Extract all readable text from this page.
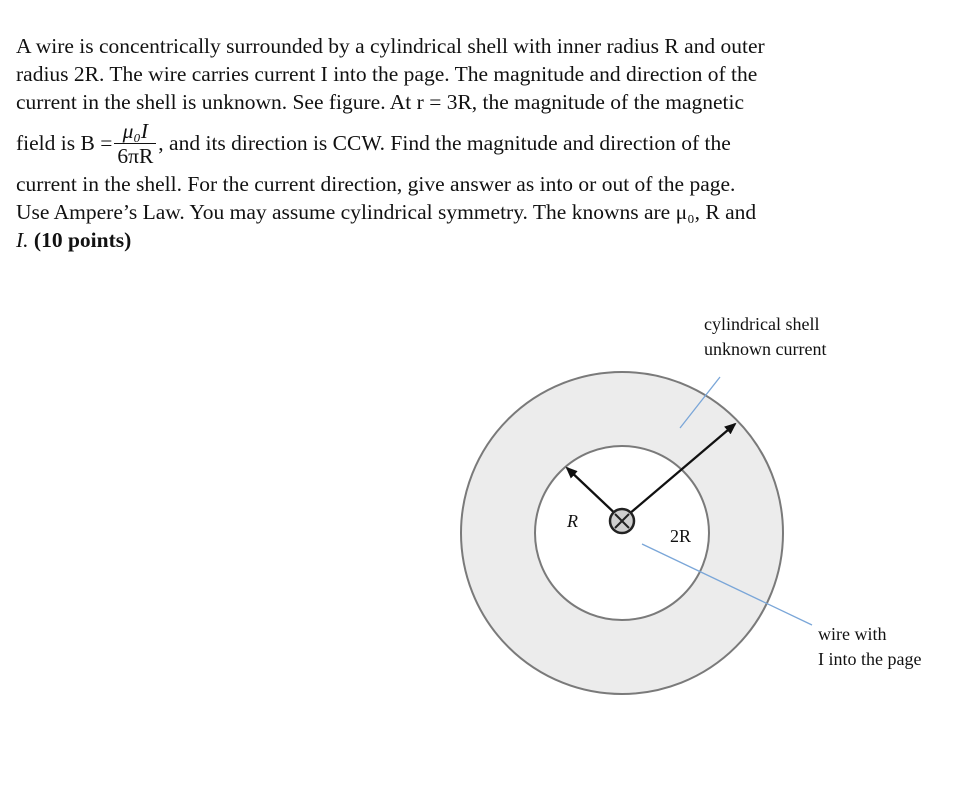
A wire is concentrically surrounded by a cylindrical shell with inner radius R and outer
radius 2R. The wire carries current I into the page. The magnitude and direction of the
current in the shell is unknown. See figure. At r = 3R, the magnitude of the magnetic
field is $B = \frac{\text{μ₀I}}{6\pi R}$ , and its direction is CCW. Find the magnitude and direction of the
current in the shell. For the current direction, give answer as into or out of the page.
Use Ampere’s Law. You may assume cylindrical symmetry. The knowns are μ₀, R and
I. (10 points)
cylindrical shell
unknown current
R
2R
wire with
I into the page
